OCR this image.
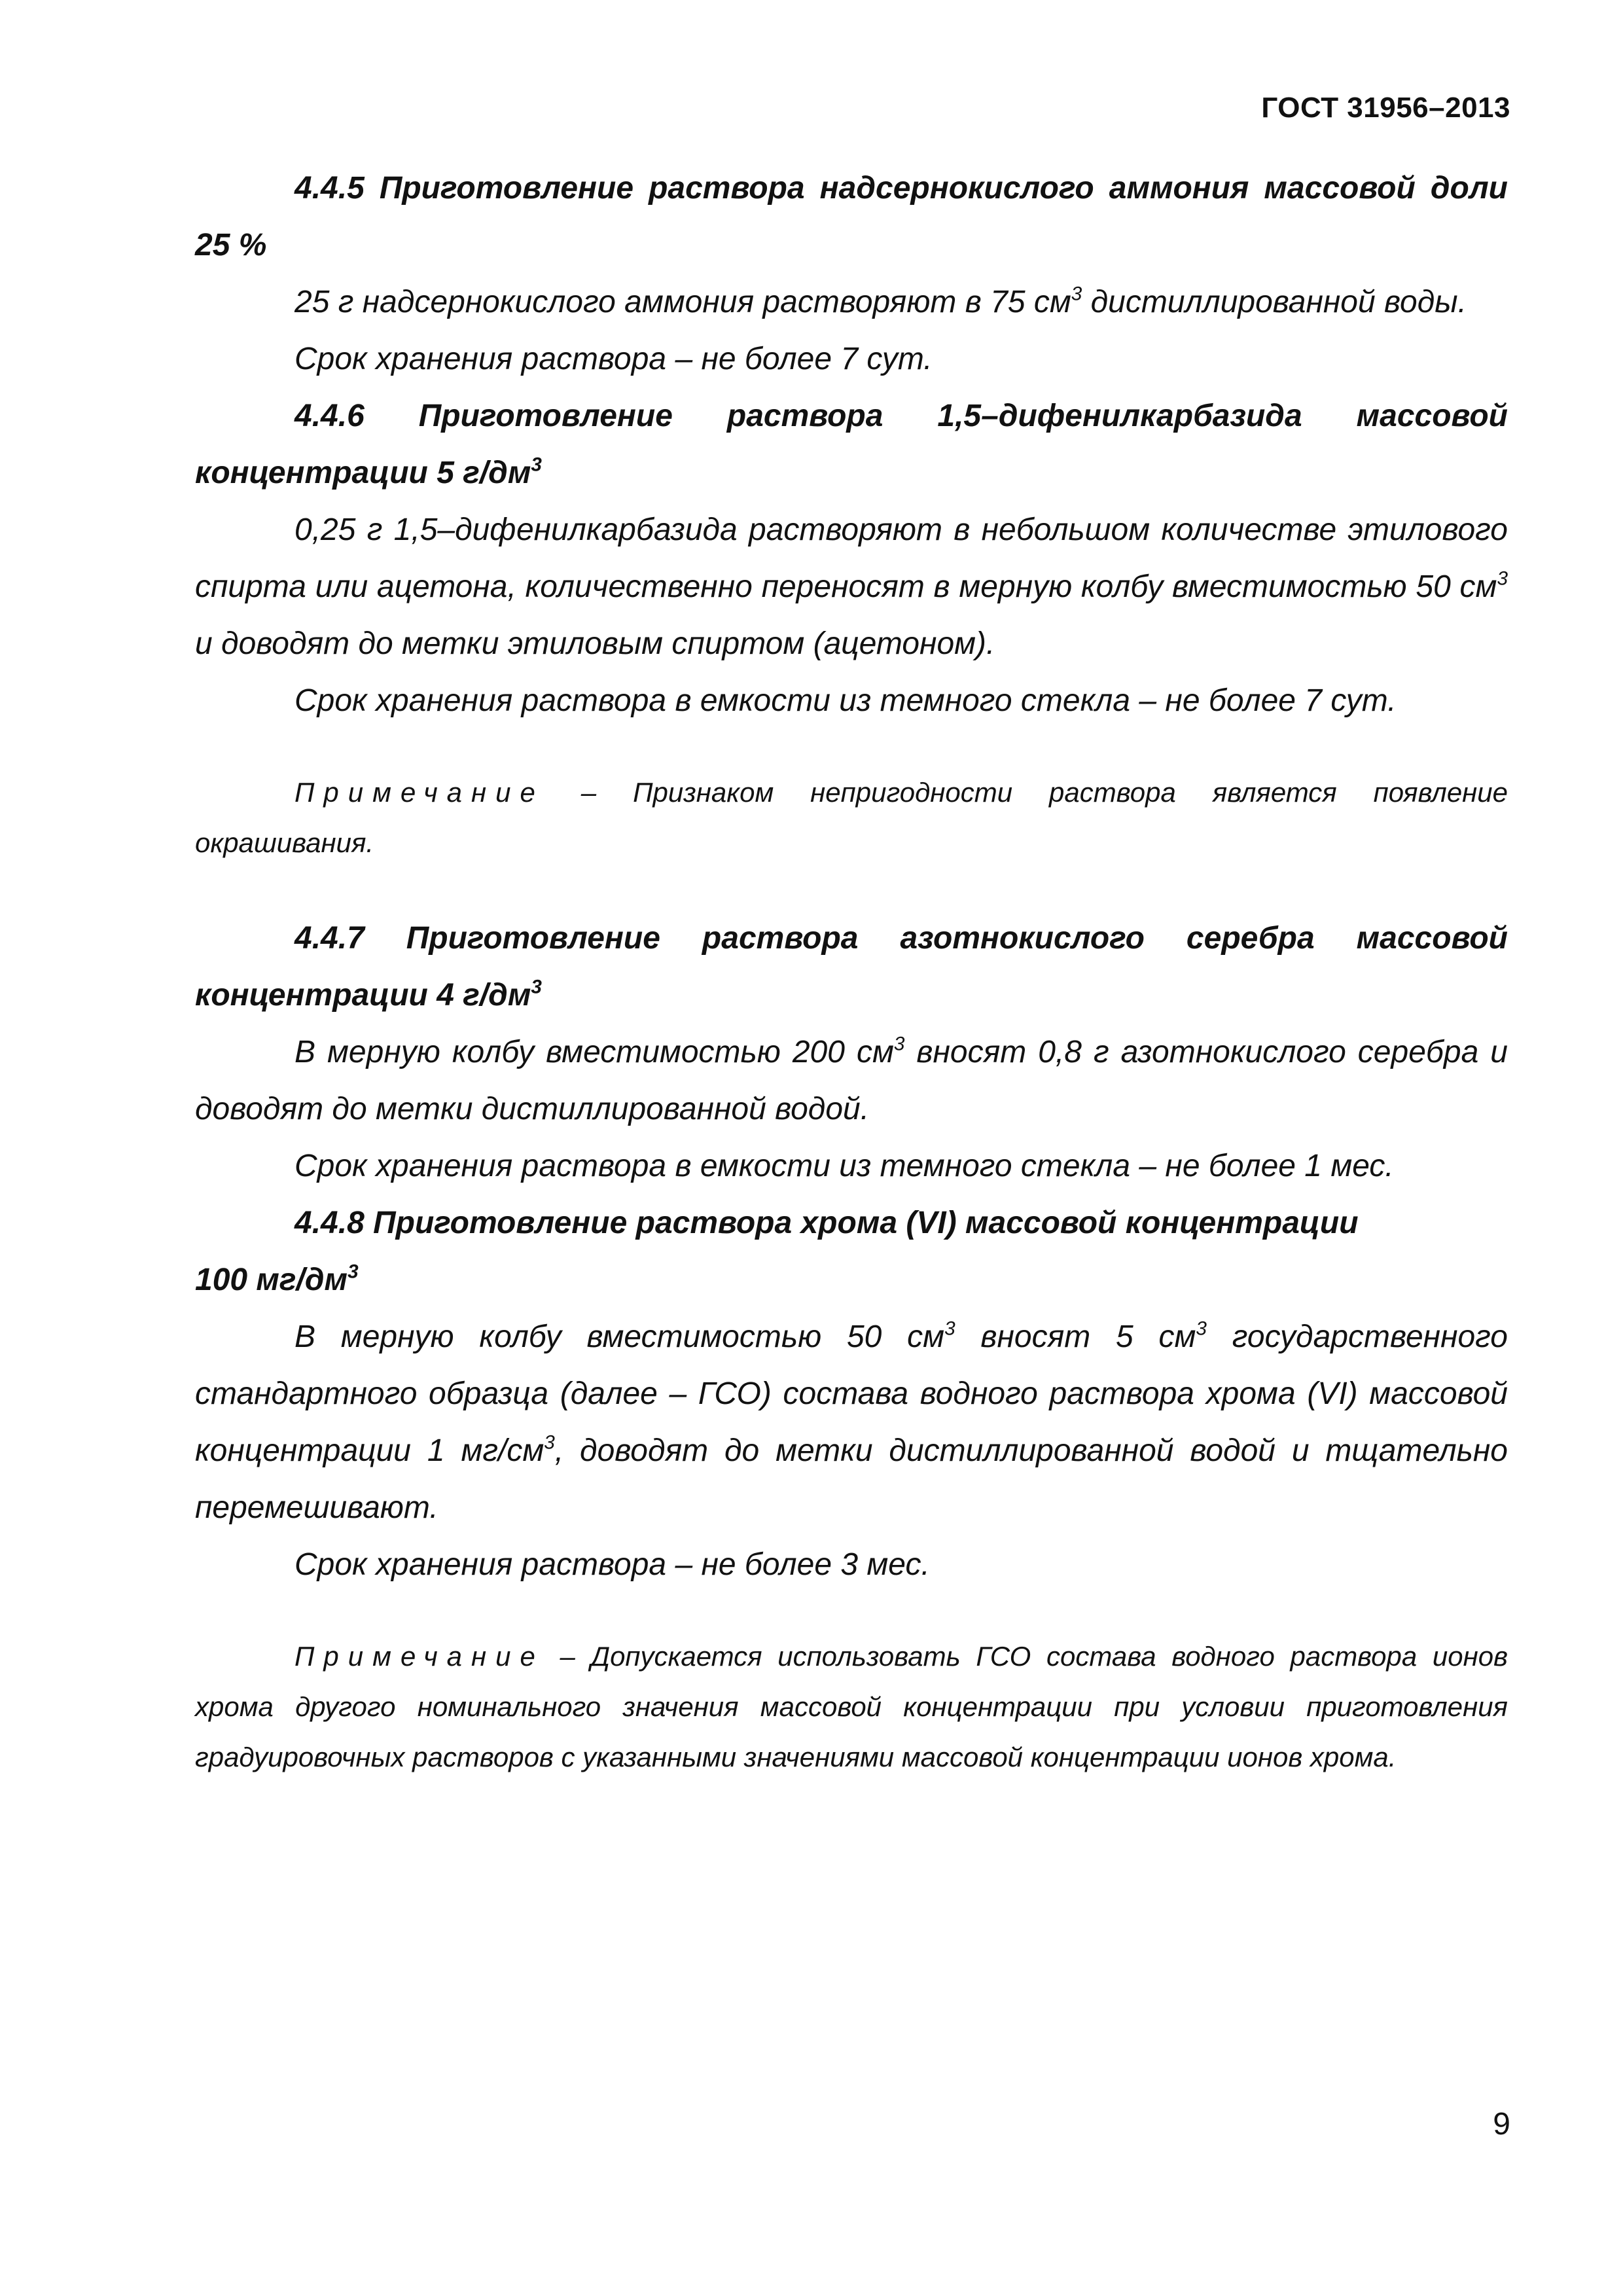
ГОСТ 31956–2013

4.4.5 Приготовление раствора надсернокислого аммония массовой доли 25 %

25 г надсернокислого аммония растворяют в 75 $см^3$ дистиллированной воды.

Срок хранения раствора – не более 7 сут.

4.4.6 Приготовление раствора 1,5–дифенилкарбазида массовой концентрации 5 $г/дм^3$

0,25 г 1,5–дифенилкарбазида растворяют в небольшом количестве этилового спирта или ацетона, количественно переносят в мерную колбу вместимостью 50 $см^3$ и доводят до метки этиловым спиртом (ацетоном).

Срок хранения раствора в емкости из темного стекла – не более 7 сут.

Примечание – Признаком непригодности раствора является появление окрашивания.

4.4.7 Приготовление раствора азотнокислого серебра массовой концентрации 4 $г/дм^3$

В мерную колбу вместимостью 200 $см^3$ вносят 0,8 г азотнокислого серебра и доводят до метки дистиллированной водой.

Срок хранения раствора в емкости из темного стекла – не более 1 мес.

4.4.8 Приготовление раствора хрома (VI) массовой концентрации

100 $мг/дм^3$

В мерную колбу вместимостью 50 $см^3$ вносят 5 $см^3$ государственного стандартного образца (далее – ГСО) состава водного раствора хрома (VI) массовой концентрации 1 $мг/см^3$, доводят до метки дистиллированной водой и тщательно перемешивают.

Срок хранения раствора – не более 3 мес.

Примечание – Допускается использовать ГСО состава водного раствора ионов хрома другого номинального значения массовой концентрации при условии приготовления градуировочных растворов с указанными значениями массовой концентрации ионов хрома.

9
